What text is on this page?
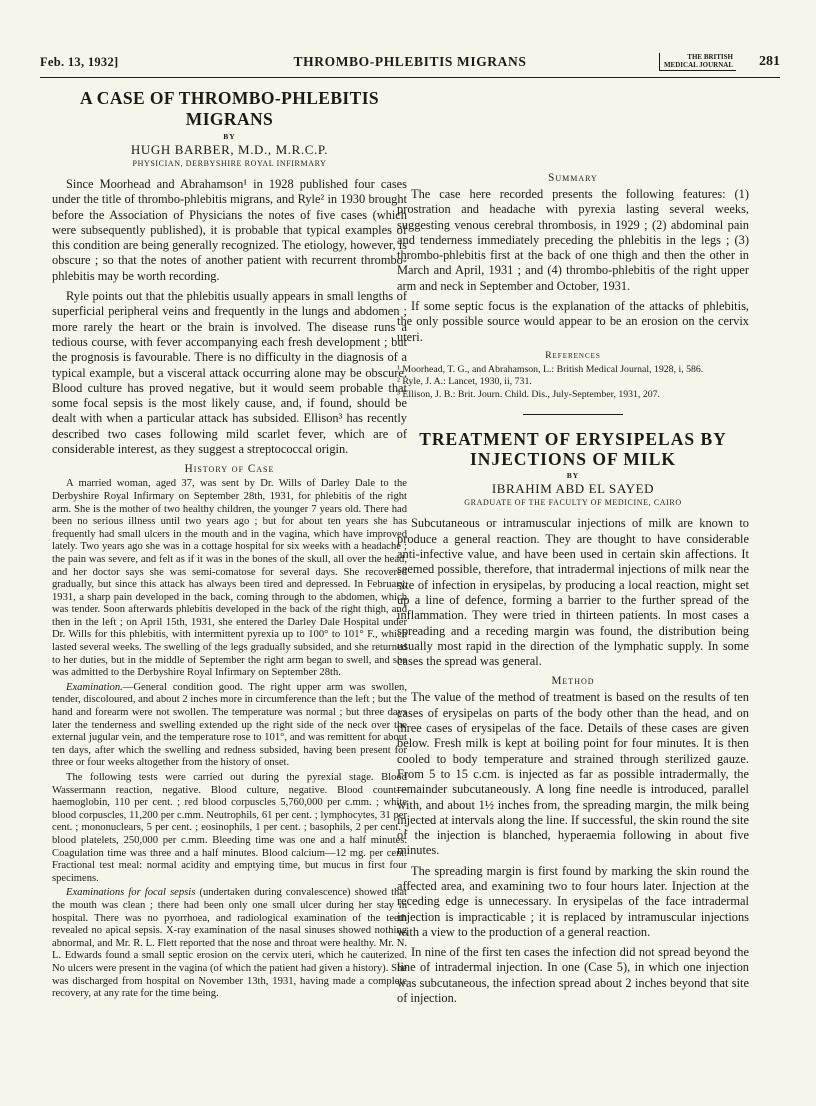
Feb. 13, 1932]	THROMBO-PHLEBITIS MIGRANS	THE BRITISH
MEDICAL JOURNAL 281
A CASE OF THROMBO-PHLEBITIS MIGRANS
BY
HUGH BARBER, M.D., M.R.C.P.
PHYSICIAN, DERBYSHIRE ROYAL INFIRMARY

Since Moorhead and Abrahamson¹ in 1928 published four cases under the title of thrombo-phlebitis migrans, and Ryle² in 1930 brought before the Association of Physicians the notes of five cases (which were subsequently published), it is probable that typical examples of this condition are being generally recognized. The etiology, however, is obscure ; so that the notes of another patient with recurrent thrombo-phlebitis may be worth recording.

Ryle points out that the phlebitis usually appears in small lengths of superficial peripheral veins and frequently in the lungs and abdomen ; more rarely the heart or the brain is involved. The disease runs a tedious course, with fever accompanying each fresh development ; but the prognosis is favourable. There is no difficulty in the diagnosis of a typical example, but a visceral attack occurring alone may be obscure. Blood culture has proved negative, but it would seem probable that some focal sepsis is the most likely cause, and, if found, should be dealt with when a particular attack has subsided. Ellison³ has recently described two cases following mild scarlet fever, which are of considerable interest, as they suggest a streptococcal origin.

History of Case

A married woman, aged 37, was sent by Dr. Wills of Darley Dale to the Derbyshire Royal Infirmary on September 28th, 1931, for phlebitis of the right arm. She is the mother of two healthy children, the younger 7 years old. There had been no serious illness until two years ago ; but for about ten years she has frequently had small ulcers in the mouth and in the vagina, which have improved lately. Two years ago she was in a cottage hospital for six weeks with a headache ; the pain was severe, and felt as if it was in the bones of the skull, all over the head, and her doctor says she was semi-comatose for several days. She recovered gradually, but since this attack has always been tired and depressed. In February, 1931, a sharp pain developed in the back, coming through to the abdomen, which was tender. Soon afterwards phlebitis developed in the back of the right thigh, and then in the left ; on April 15th, 1931, she entered the Darley Dale Hospital under Dr. Wills for this phlebitis, with intermittent pyrexia up to 100° to 101° F., which lasted several weeks. The swelling of the legs gradually subsided, and she returned to her duties, but in the middle of September the right arm began to swell, and she was admitted to the Derbyshire Royal Infirmary on September 28th.

Examination.—General condition good. The right upper arm was swollen, tender, discoloured, and about 2 inches more in circumference than the left ; but the hand and forearm were not swollen. The temperature was normal ; but three days later the tenderness and swelling extended up the right side of the neck over the external jugular vein, and the temperature rose to 101°, and was remittent for about ten days, after which the swelling and redness subsided, having been present for three or four weeks altogether from the history of onset.

The following tests were carried out during the pyrexial stage. Blood Wassermann reaction, negative. Blood culture, negative. Blood count—haemoglobin, 110 per cent. ; red blood corpuscles 5,760,000 per c.mm. ; white blood corpuscles, 11,200 per c.mm. Neutrophils, 61 per cent. ; lymphocytes, 31 per cent. ; mononuclears, 5 per cent. ; eosinophils, 1 per cent. ; basophils, 2 per cent. ; blood platelets, 250,000 per c.mm. Bleeding time was one and a half minutes. Coagulation time was three and a half minutes. Blood calcium—12 mg. per cent. Fractional test meal: normal acidity and emptying time, but mucus in first four specimens.

Examinations for focal sepsis (undertaken during convalescence) showed that the mouth was clean ; there had been only one small ulcer during her stay in hospital. There was no pyorrhoea, and radiological examination of the teeth revealed no apical sepsis. X-ray examination of the nasal sinuses showed nothing abnormal, and Mr. R. L. Flett reported that the nose and throat were healthy. Mr. N. L. Edwards found a small septic erosion on the cervix uteri, which he cauterized. No ulcers were present in the vagina (of which the patient had given a history). She was discharged from hospital on November 13th, 1931, having made a complete recovery, at any rate for the time being.

Summary

The case here recorded presents the following features: (1) prostration and headache with pyrexia lasting several weeks, suggesting venous cerebral thrombosis, in 1929 ; (2) abdominal pain and tenderness immediately preceding the phlebitis in the legs ; (3) thrombo-phlebitis first at the back of one thigh and then the other in March and April, 1931 ; and (4) thrombo-phlebitis of the right upper arm and neck in September and October, 1931.

If some septic focus is the explanation of the attacks of phlebitis, the only possible source would appear to be an erosion on the cervix uteri.

References
¹ Moorhead, T. G., and Abrahamson, L.: British Medical Journal, 1928, i, 586.
² Ryle, J. A.: Lancet, 1930, ii, 731.
³ Ellison, J. B.: Brit. Journ. Child. Dis., July-September, 1931, 207.
TREATMENT OF ERYSIPELAS BY
INJECTIONS OF MILK
BY
IBRAHIM ABD EL SAYED
GRADUATE OF THE FACULTY OF MEDICINE, CAIRO

Subcutaneous or intramuscular injections of milk are known to produce a general reaction. They are thought to have considerable anti-infective value, and have been used in certain skin affections. It seemed possible, therefore, that intradermal injections of milk near the site of infection in erysipelas, by producing a local reaction, might set up a line of defence, forming a barrier to the further spread of the inflammation. They were tried in thirteen patients. In most cases a spreading and a receding margin was found, the distribution being usually most rapid in the direction of the lymphatic supply. In some cases the spread was general.

Method

The value of the method of treatment is based on the results of ten cases of erysipelas on parts of the body other than the head, and on three cases of erysipelas of the face. Details of these cases are given below. Fresh milk is kept at boiling point for four minutes. It is then cooled to body temperature and strained through sterilized gauze. From 5 to 15 c.cm. is injected as far as possible intradermally, the remainder subcutaneously. A long fine needle is introduced, parallel with, and about 1½ inches from, the spreading margin, the milk being injected at intervals along the line. If successful, the skin round the site of the injection is blanched, hyperaemia following in about five minutes.

The spreading margin is first found by marking the skin round the affected area, and examining two to four hours later. Injection at the receding edge is unnecessary. In erysipelas of the face intradermal injection is impracticable ; it is replaced by intramuscular injections with a view to the production of a general reaction.

In nine of the first ten cases the infection did not spread beyond the line of intradermal injection. In one (Case 5), in which one injection was subcutaneous, the infection spread about 2 inches beyond that site of injection.
